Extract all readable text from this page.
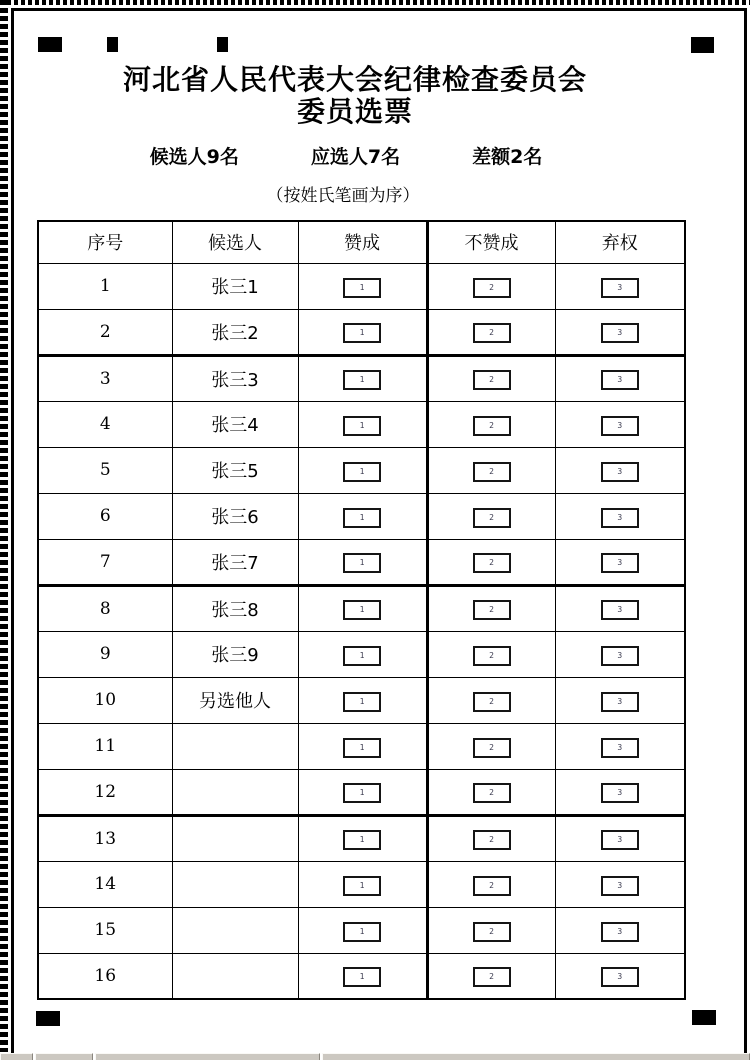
河北省人民代表大会纪律检查委员会
委员选票
候选人9名	应选人7名	差额2名
（按姓氏笔画为序）
序号	候选人	赞成	不赞成	弃权
1	张三1	1	2	3

2	张三2	1	2	3

3	张三3	1	2	3

4	张三4	1	2	3

5	张三5	1	2	3

6	张三6	1	2	3

7	张三7	1	2	3

8	张三8	1	2	3

9	张三9	1	2	3

10	另选他人	1	2	3

11		1	2	3

12		1	2	3

13		1	2	3

14		1	2	3

15		1	2	3

16		1	2	3
